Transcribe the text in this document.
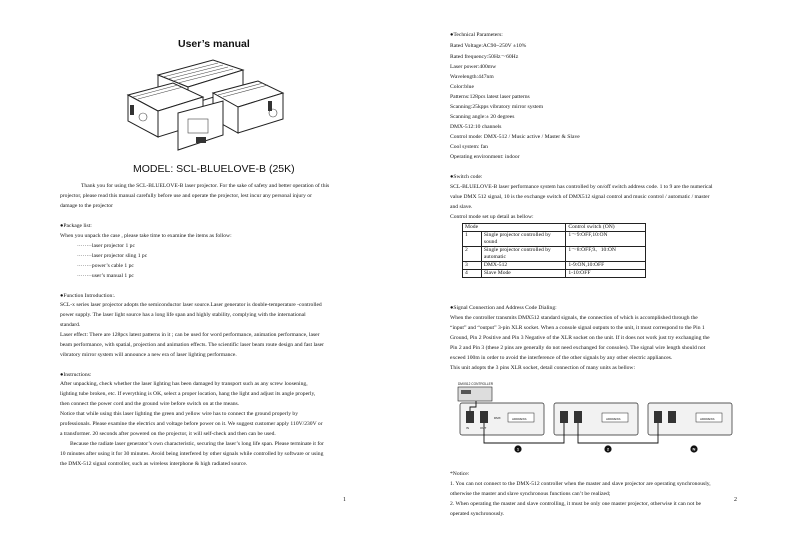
User’s manual
MODEL: SCL-BLUELOVE-B (25K)
Thank you for using the SCL-BLUELOVE-B laser projector. For the sake of safety and better operation of this
projector, please read this manual carefully before use and operate the projector, lest incur any personal injury or
damage to the projector
●Package list:
When you unpack the case , please take time to examine the items as follow:
········laser projector 1 pc
········laser projector sling 1 pc
········power’s cable 1 pc
········user’s manual 1 pc
●Function Introduction:.
SCL-x series laser projector adopts the semiconductor laser source.Laser generator is double-temperature -controlled
power supply. The laser light source has a long life span and highly stability, complying with the international
standard.
Laser effect: There are 128pcs latest patterns in it ; can be used for word performance, animation performance, laser
beam performance, with spatial, projection and animation effects. The scientific laser beam route design and fast laser
vibratory mirror system will announce a new era of laser lighting performance.
●Instructions:
After unpacking, check whether the laser lighting has been damaged by transport such as any screw loosening,
lighting tube broken, etc. If everything is OK, select a proper location, hang the light and adjust its angle properly,
then connect the power cord and the ground wire before switch on at the means.
Notice that while using this laser lighting the green and yellow wire has to connect the ground properly by
professionals. Please examine the electrics and voltage before power on it. We suggest customer apply 110V/230V or
a transformer. 20 seconds after powered on the projector, it will self-check and then can be used.
Because the radiate laser generator’s own characteristic, securing the laser’s long life span. Please terminate it for
10 minutes after using it for 30 minutes. Avoid being interfered by other signals while controlled by software or using
the DMX-512 signal controller, such as wireless interphone & high radiated source.
1
●Technical Parameters:
Rated Voltage:AC90~250V ±10%
Rated frequency:50Hz～60Hz
Laser power:400mw
Wavelength:447nm
Color:blue
Patterns:128pcs latest laser patterns
Scanning:25kpps vibratory mirror system
Scanning angle:± 20 degrees
DMX-512:10 channels
Control mode: DMX-512 / Music active / Master & Slave
Cool system: fan
Operating environment: indoor
●Switch code:
SCL-BLUELOVE-B laser performance system has controlled by on/off switch address code. 1 to 9 are the numerical
value DMX 512 signal, 10 is the exchange switch of DMX512 signal control and music control / automatic / master
and slave.
Control mode set up detail as bellow:
Mode		Control switch (ON)
1	Single projector controlled by sound	1～9:OFF,10:ON
2	Single projector controlled by automatic	1～8:OFF,9、10:ON
3	DMX-512	1-9:ON,10:OFF
4	Slave Mode	1-10:OFF
●Signal Connection and Address Code Dialing:
When the controller transmits DMX512 standard signals, the connection of which is accomplished through the
“input” and “output” 3-pin XLR socket. When a console signal outputs to the unit, it must correspond to the Pin 1
Ground, Pin 2 Positive and Pin 3 Negative of the XLR socket on the unit. If it does not work just try exchanging the
Pin 2 and Pin 3 (these 2 pins are generally do not need exchanged for consoles). The signal wire length should not
exceed 100m in order to avoid the interference of the other signals by any other electric appliances.
This unit adopts the 3 pins XLR socket, detail connection of many units as bellow:
DMX512 CONTROLLER
DMX
IN	OUT
ADDRESS	ADDRESS	ADDRESS
1	2	N
*Notice:
1. You can not connect to the DMX-512 controller when the master and slave projector are operating synchronously,
otherwise the master and slave synchronous functions can’t be realized;
2. When operating the master and slave controlling, it must be only one master projector, otherwise it can not be
operated synchronously.
2
